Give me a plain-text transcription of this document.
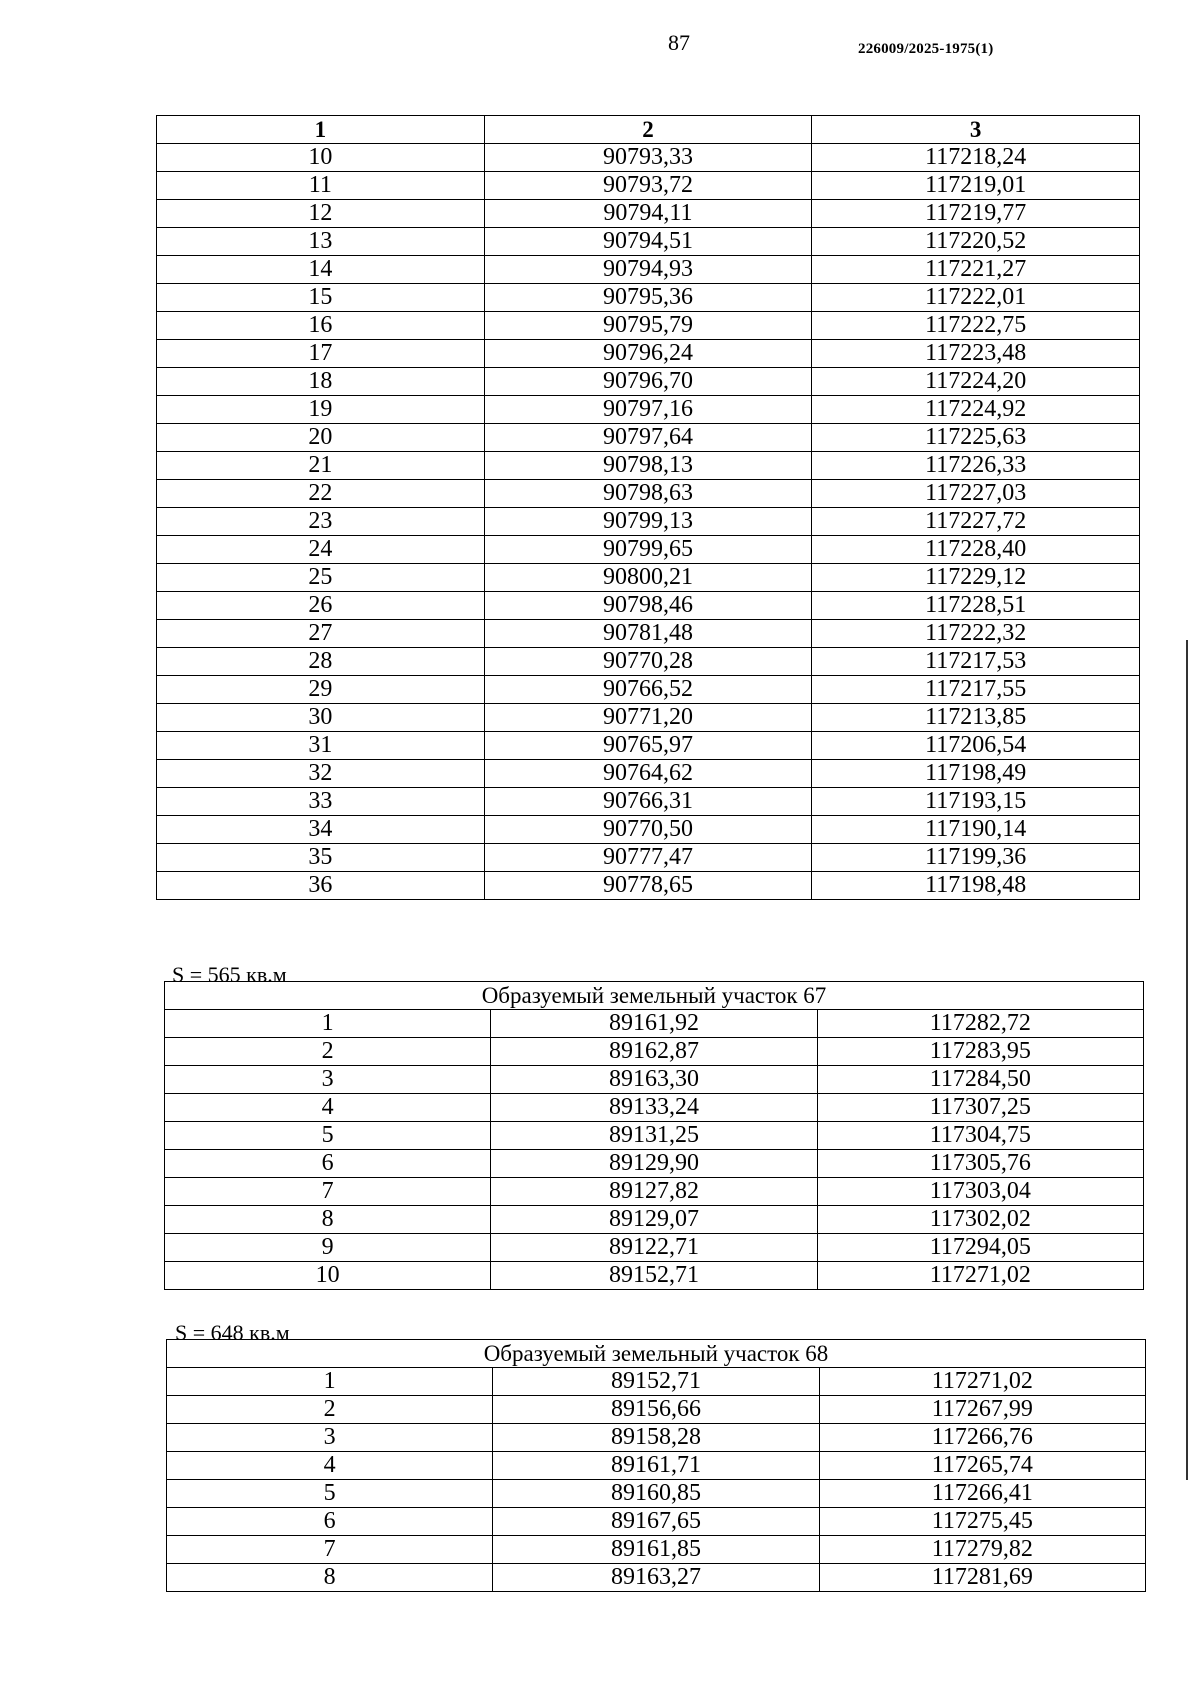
87	226009/2025-1975(1)
1	2	3
10	90793,33	117218,24
11	90793,72	117219,01
12	90794,11	117219,77
13	90794,51	117220,52
14	90794,93	117221,27
15	90795,36	117222,01
16	90795,79	117222,75
17	90796,24	117223,48
18	90796,70	117224,20
19	90797,16	117224,92
20	90797,64	117225,63
21	90798,13	117226,33
22	90798,63	117227,03
23	90799,13	117227,72
24	90799,65	117228,40
25	90800,21	117229,12
26	90798,46	117228,51
27	90781,48	117222,32
28	90770,28	117217,53
29	90766,52	117217,55
30	90771,20	117213,85
31	90765,97	117206,54
32	90764,62	117198,49
33	90766,31	117193,15
34	90770,50	117190,14
35	90777,47	117199,36
36	90778,65	117198,48
S = 565 кв.м
Образуемый земельный участок 67		
1	89161,92	117282,72
2	89162,87	117283,95
3	89163,30	117284,50
4	89133,24	117307,25
5	89131,25	117304,75
6	89129,90	117305,76
7	89127,82	117303,04
8	89129,07	117302,02
9	89122,71	117294,05
10	89152,71	117271,02
S = 648 кв.м
Образуемый земельный участок 68		
1	89152,71	117271,02
2	89156,66	117267,99
3	89158,28	117266,76
4	89161,71	117265,74
5	89160,85	117266,41
6	89167,65	117275,45
7	89161,85	117279,82
8	89163,27	117281,69
